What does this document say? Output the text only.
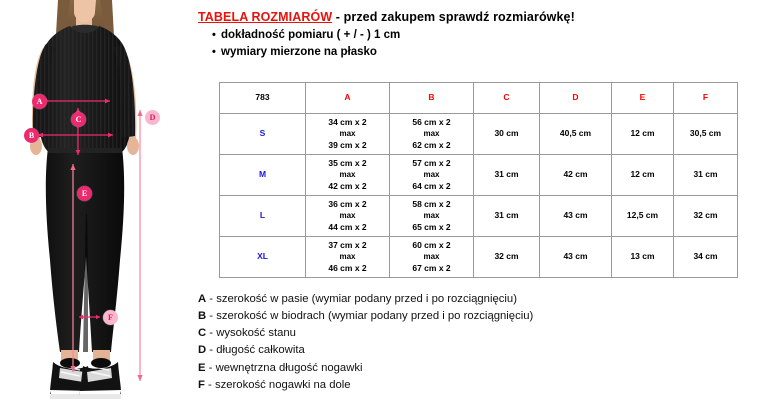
A
B
C	D
E
F
TABELA ROZMIARÓW - przed zakupem sprawdź rozmiarówkę!
• dokładność pomiaru ( + / - ) 1 cm
• wymiary mierzone na płasko
783	A	B	C	D	E	F
S	34 cm x 2
max
39 cm x 2	56 cm x 2
max
62 cm x 2	30 cm	40,5 cm	12 cm	30,5 cm
M	35 cm x 2
max
42 cm x 2	57 cm x 2
max
64 cm x 2	31 cm	42 cm	12 cm	31 cm
L	36 cm x 2
max
44 cm x 2	58 cm x 2
max
65 cm x 2	31 cm	43 cm	12,5 cm	32 cm
XL	37 cm x 2
max
46 cm x 2	60 cm x 2
max
67 cm x 2	32 cm	43 cm	13 cm	34 cm
A - szerokość w pasie (wymiar podany przed i po rozciągnięciu)
B - szerokość w biodrach (wymiar podany przed i po rozciągnięciu)
C - wysokość stanu
D - długość całkowita
E - wewnętrzna długość nogawki
F - szerokość nogawki na dole
